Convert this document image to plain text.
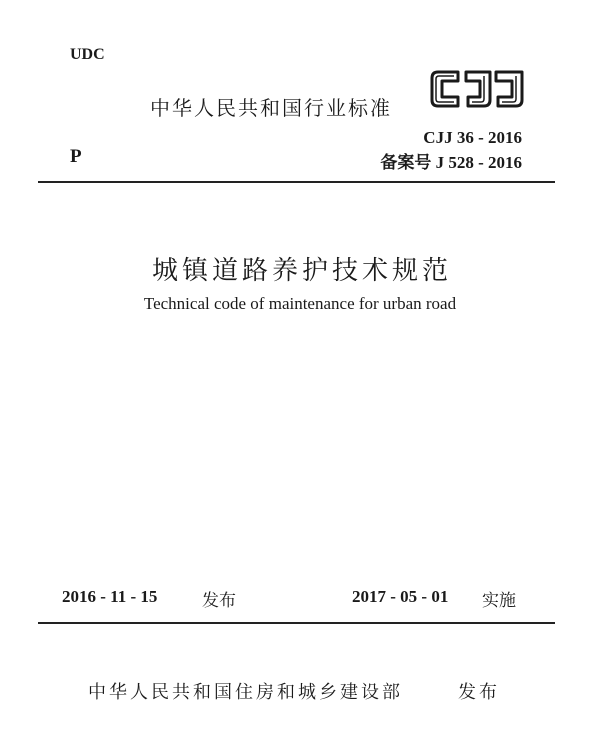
UDC
中华人民共和国行业标准
CJJ 36 - 2016
P	备案号 J 528 - 2016
城镇道路养护技术规范
Technical code of maintenance for urban road
2016 - 11 - 15	发布	2017 - 05 - 01 实施
中华人民共和国住房和城乡建设部	发布
